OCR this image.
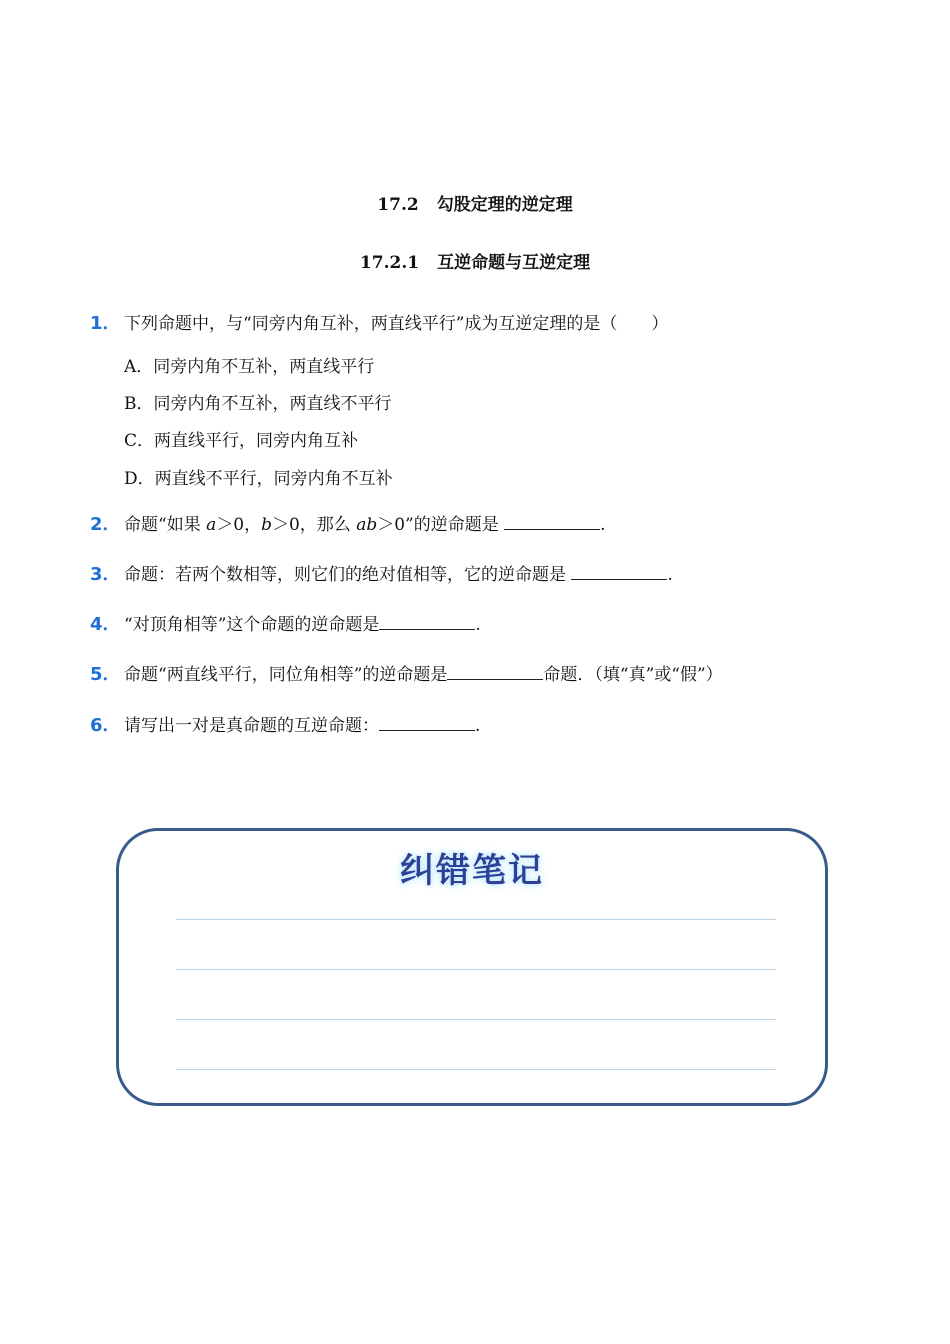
17.2 勾股定理的逆定理
17.2.1 互逆命题与互逆定理
1． 下列命题中，与“同旁内角互补，两直线平行”成为互逆定理的是（　　）
A．同旁内角不互补，两直线平行
B．同旁内角不互补，两直线不平行
C．两直线平行，同旁内角互补
D．两直线不平行，同旁内角不互补
2． 命题“如果 a＞0，b＞0，那么 ab＞0”的逆命题是	.
3． 命题：若两个数相等，则它们的绝对值相等，它的逆命题是	.
4． “对顶角相等”这个命题的逆命题是	.
5． 命题“两直线平行，同位角相等”的逆命题是	命题．（填“真”或“假”）
6． 请写出一对是真命题的互逆命题：	.
纠错笔记
